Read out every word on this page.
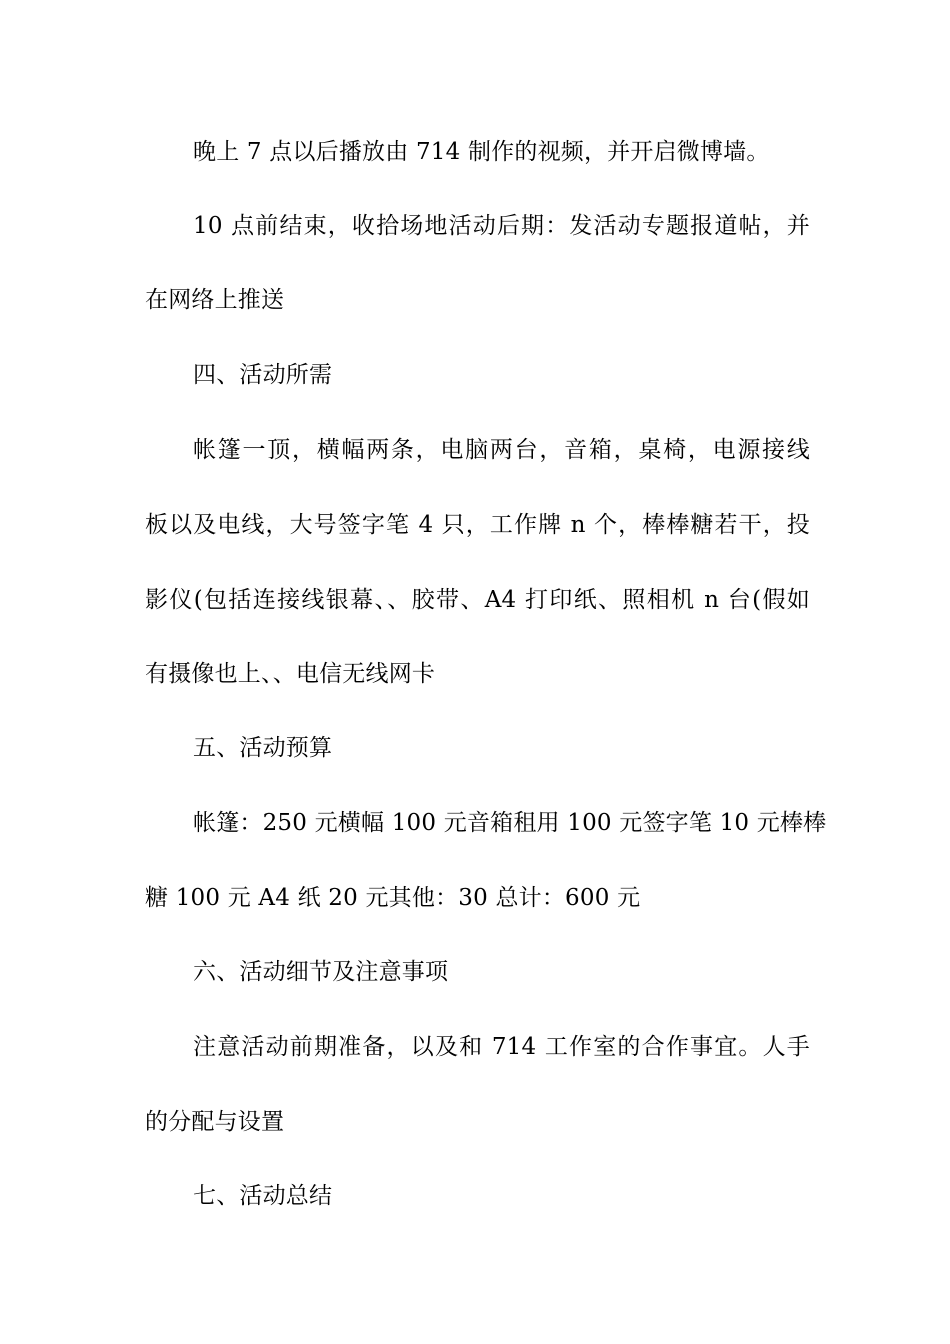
晚上 7 点以后播放由 714 制作的视频，并开启微博墙。
10 点前结束，收拾场地活动后期：发活动专题报道帖，并
在网络上推送
四、活动所需
帐篷一顶，横幅两条，电脑两台，音箱，桌椅，电源接线
板以及电线，大号签字笔 4 只，工作牌 n 个，棒棒糖若干，投
影仪(包括连接线银幕、、胶带、A4 打印纸、照相机 n 台(假如
有摄像也上、、电信无线网卡
五、活动预算
帐篷：250 元横幅 100 元音箱租用 100 元签字笔 10 元棒棒
糖 100 元 A4 纸 20 元其他：30 总计：600 元
六、活动细节及注意事项
注意活动前期准备，以及和 714 工作室的合作事宜。人手
的分配与设置
七、活动总结
